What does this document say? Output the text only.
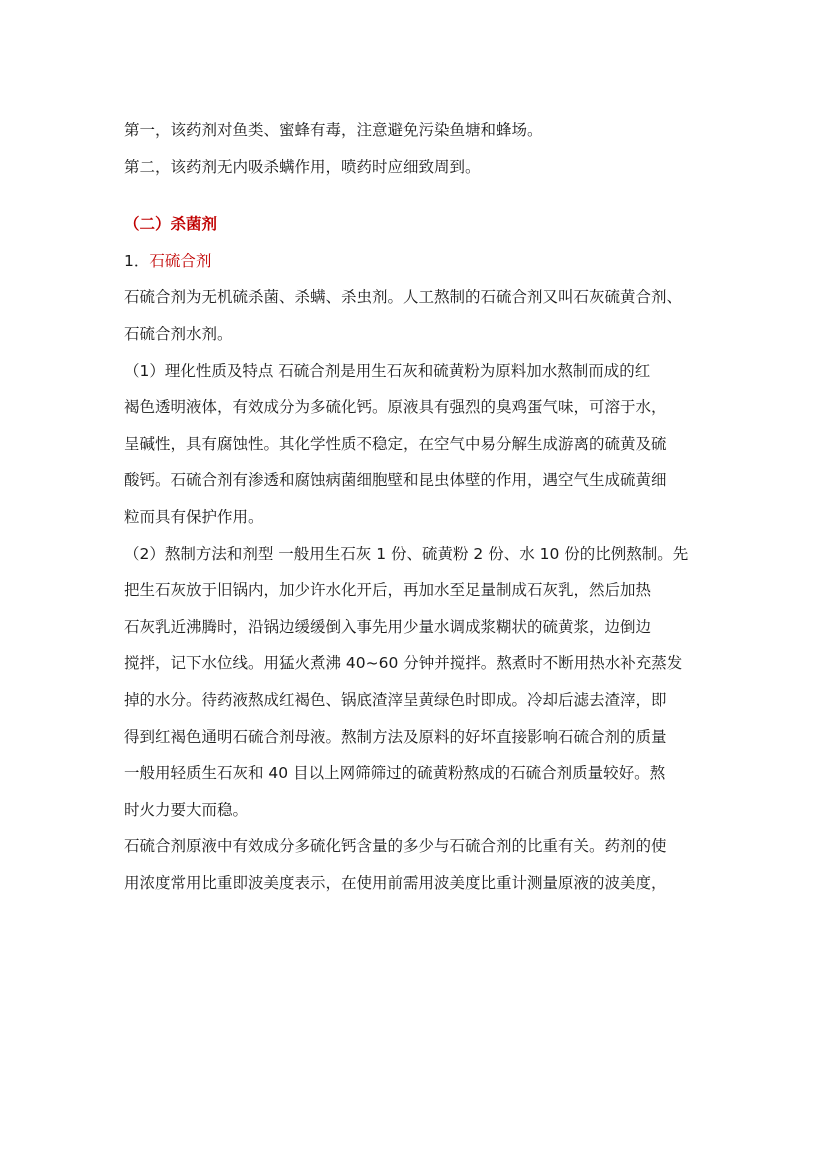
第一，该药剂对鱼类、蜜蜂有毒，注意避免污染鱼塘和蜂场。

第二，该药剂无内吸杀螨作用，喷药时应细致周到。

（二）杀菌剂

1．石硫合剂

石硫合剂为无机硫杀菌、杀螨、杀虫剂。人工熬制的石硫合剂又叫石灰硫黄合剂、

石硫合剂水剂。

（1）理化性质及特点 石硫合剂是用生石灰和硫黄粉为原料加水熬制而成的红

褐色透明液体，有效成分为多硫化钙。原液具有强烈的臭鸡蛋气味，可溶于水，

呈碱性，具有腐蚀性。其化学性质不稳定，在空气中易分解生成游离的硫黄及硫

酸钙。石硫合剂有渗透和腐蚀病菌细胞壁和昆虫体壁的作用，遇空气生成硫黄细

粒而具有保护作用。

（2）熬制方法和剂型 一般用生石灰 1 份、硫黄粉 2 份、水 10 份的比例熬制。先

把生石灰放于旧锅内，加少许水化开后，再加水至足量制成石灰乳，然后加热

石灰乳近沸腾时，沿锅边缓缓倒入事先用少量水调成浆糊状的硫黄浆，边倒边

搅拌，记下水位线。用猛火煮沸 40~60 分钟并搅拌。熬煮时不断用热水补充蒸发

掉的水分。待药液熬成红褐色、锅底渣滓呈黄绿色时即成。冷却后滤去渣滓，即

得到红褐色通明石硫合剂母液。熬制方法及原料的好坏直接影响石硫合剂的质量

一般用轻质生石灰和 40 目以上网筛筛过的硫黄粉熬成的石硫合剂质量较好。熬

时火力要大而稳。

石硫合剂原液中有效成分多硫化钙含量的多少与石硫合剂的比重有关。药剂的使

用浓度常用比重即波美度表示，在使用前需用波美度比重计测量原液的波美度，
